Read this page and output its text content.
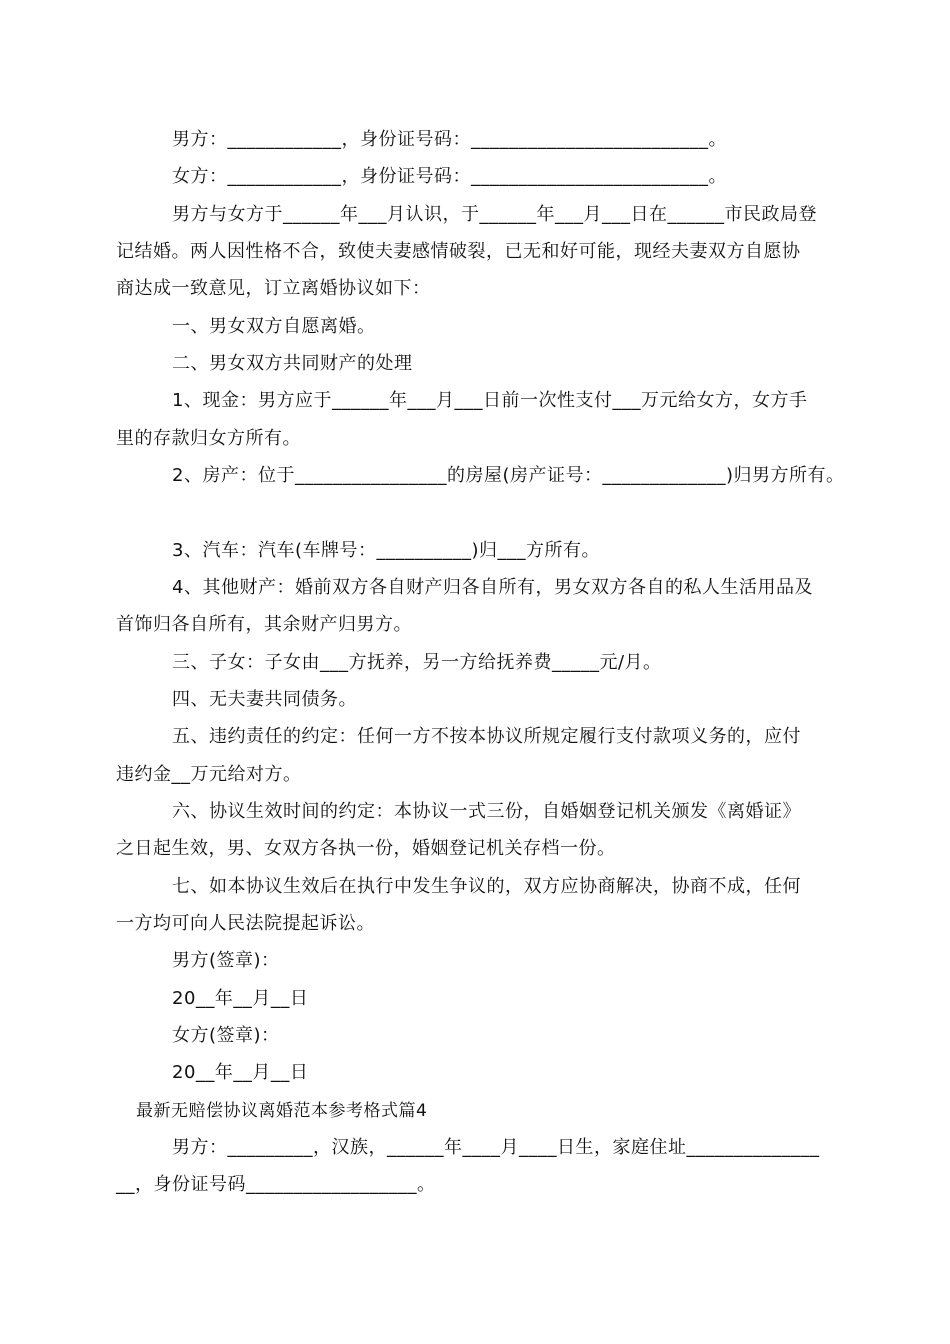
男方：____________，身份证号码：_________________________。
女方：____________，身份证号码：_________________________。
男方与女方于______年___月认识，于______年___月___日在______市民政局登
记结婚。两人因性格不合，致使夫妻感情破裂，已无和好可能，现经夫妻双方自愿协
商达成一致意见，订立离婚协议如下：
一、男女双方自愿离婚。
二、男女双方共同财产的处理
1、现金：男方应于______年___月___日前一次性支付___万元给女方，女方手
里的存款归女方所有。
2、房产：位于________________的房屋(房产证号：_____________)归男方所有。
3、汽车：汽车(车牌号：__________)归___方所有。
4、其他财产：婚前双方各自财产归各自所有，男女双方各自的私人生活用品及
首饰归各自所有，其余财产归男方。
三、子女：子女由___方抚养，另一方给抚养费_____元/月。
四、无夫妻共同债务。
五、违约责任的约定：任何一方不按本协议所规定履行支付款项义务的，应付
违约金__万元给对方。
六、协议生效时间的约定：本协议一式三份，自婚姻登记机关颁发《离婚证》
之日起生效，男、女双方各执一份，婚姻登记机关存档一份。
七、如本协议生效后在执行中发生争议的，双方应协商解决，协商不成，任何
一方均可向人民法院提起诉讼。
男方(签章)：
20__年__月__日
女方(签章)：
20__年__月__日
最新无赔偿协议离婚范本参考格式篇4
男方：_________，汉族，______年____月____日生，家庭住址______________
__，身份证号码__________________。
